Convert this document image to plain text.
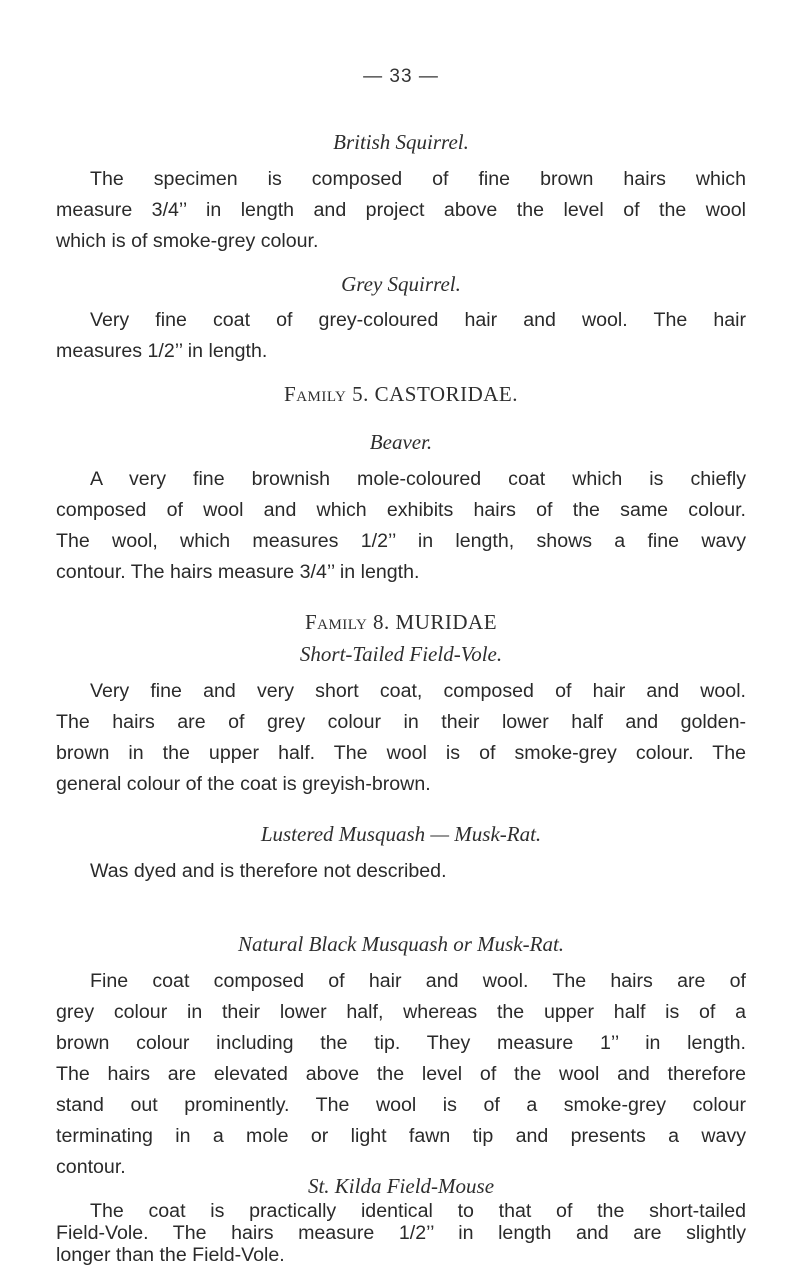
— 33 —
British Squirrel.
The specimen is composed of fine brown hairs which
measure 3/4’’ in length and project above the level of the wool
which is of smoke-grey colour.
Grey Squirrel.
Very fine coat of grey-coloured hair and wool. The hair
measures 1/2’’ in length.
Family 5. CASTORIDAE.
Beaver.
A very fine brownish mole-coloured coat which is chiefly
composed of wool and which exhibits hairs of the same colour.
The wool, which measures 1/2’’ in length, shows a fine wavy
contour. The hairs measure 3/4’’ in length.
Family 8. MURIDAE
Short-Tailed Field-Vole.
Very fine and very short coat, composed of hair and wool.
The hairs are of grey colour in their lower half and golden-
brown in the upper half. The wool is of smoke-grey colour. The
general colour of the coat is greyish-brown.
Lustered Musquash — Musk-Rat.
Was dyed and is therefore not described.
Natural Black Musquash or Musk-Rat.
Fine coat composed of hair and wool. The hairs are of
grey colour in their lower half, whereas the upper half is of a
brown colour including the tip. They measure 1’’ in length.
The hairs are elevated above the level of the wool and therefore
stand out prominently. The wool is of a smoke-grey colour
terminating in a mole or light fawn tip and presents a wavy
contour.
St. Kilda Field-Mouse
The coat is practically identical to that of the short-tailed
Field-Vole. The hairs measure 1/2’’ in length and are slightly
longer than the Field-Vole.
